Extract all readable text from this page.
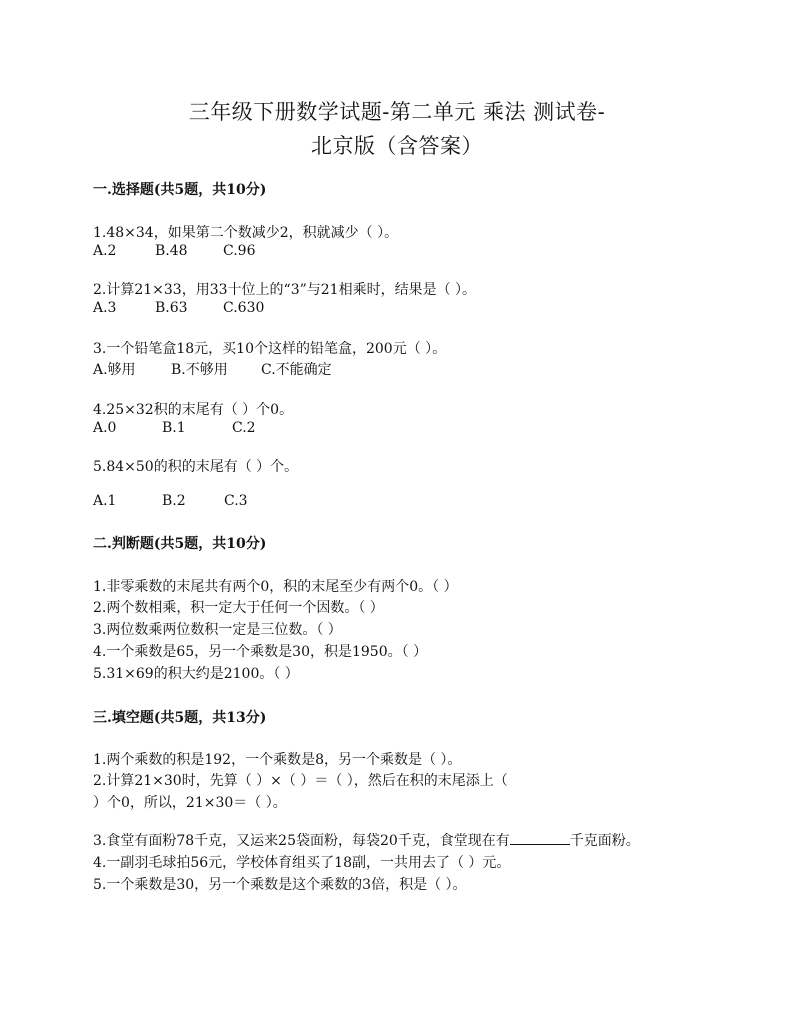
三年级下册数学试题-第二单元 乘法 测试卷-
北京版（含答案）
一.选择题(共5题，共10分)
1.48×34，如果第二个数减少2，积就减少（ ）。
A.2	B.48	C.96
2.计算21×33，用33十位上的“3”与21相乘时，结果是（ ）。
A.3	B.63	C.630
3.一个铅笔盒18元，买10个这样的铅笔盒，200元（ ）。
A.够用	B.不够用 C.不能确定
4.25×32积的末尾有（ ）个0。
A.0	B.1	C.2
5.84×50的积的末尾有（ ）个。
A.1	B.2	C.3
二.判断题(共5题，共10分)
1.非零乘数的末尾共有两个0，积的末尾至少有两个0。（ ）
2.两个数相乘，积一定大于任何一个因数。（ ）
3.两位数乘两位数积一定是三位数。（ ）
4.一个乘数是65，另一个乘数是30，积是1950。（ ）
5.31×69的积大约是2100。（ ）
三.填空题(共5题，共13分)
1.两个乘数的积是192，一个乘数是8，另一个乘数是（ ）。
2.计算21×30时，先算（ ）×（ ）＝（ ），然后在积的末尾添上（
）个0，所以，21×30＝（ ）。
3.食堂有面粉78千克，又运来25袋面粉，每袋20千克，食堂现在有	千克面粉。
4.一副羽毛球拍56元，学校体育组买了18副，一共用去了（ ）元。
5.一个乘数是30，另一个乘数是这个乘数的3倍，积是（ ）。
